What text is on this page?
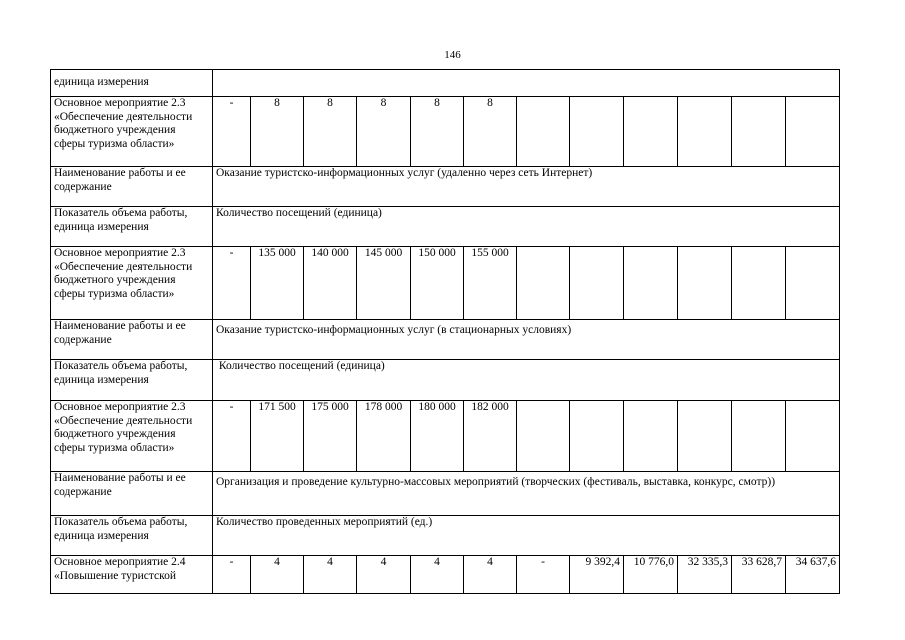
146
единица измерения												
Основное мероприятие 2.3 «Обеспечение деятельности бюджетного учреждения сферы туризма области»	-	8	8	8	8	8						
Наименование работы и ее содержание	Оказание туристско-информационных услуг (удаленно через сеть Интернет)											
Показатель объема работы, единица измерения	Количество посещений (единица)											
Основное мероприятие 2.3 «Обеспечение деятельности бюджетного учреждения сферы туризма области»	-	135 000	140 000	145 000	150 000	155 000						
Наименование работы и ее содержание	Оказание туристско-информационных услуг (в стационарных условиях)											
Показатель объема работы, единица измерения	Количество посещений (единица)											
Основное мероприятие 2.3 «Обеспечение деятельности бюджетного учреждения сферы туризма области»	-	171 500	175 000	178 000	180 000	182 000						
Наименование работы и ее содержание	Организация и проведение культурно-массовых мероприятий (творческих (фестиваль, выставка, конкурс, смотр))											
Показатель объема работы, единица измерения	Количество проведенных мероприятий (ед.)											
Основное мероприятие 2.4 «Повышение туристской	-	4	4	4	4	4	-	9 392,4	10 776,0	32 335,3	33 628,7	34 637,6
